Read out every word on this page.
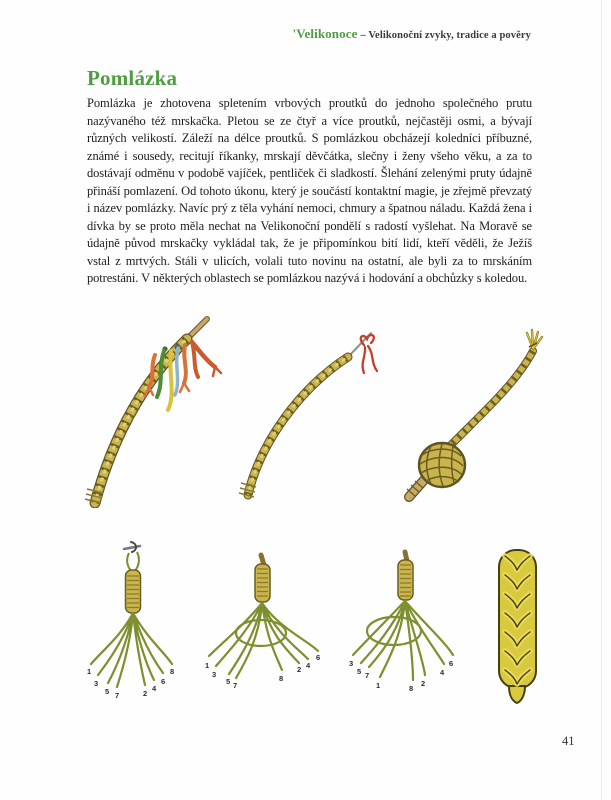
'Velikonoce – Velikonoční zvyky, tradice a pověry
Pomlázka

Pomlázka je zhotovena spletením vrbových proutků do jednoho společného prutu nazývaného též mrskačka. Pletou se ze čtyř a více proutků, nejčastěji osmi, a bývají různých velikostí. Záleží na délce proutků. S pomlázkou obcházejí koledníci příbuzné, známé i sousedy, recitují říkanky, mrskají děvčátka, slečny i ženy všeho věku, a za to dostávají odměnu v podobě vajíček, pentliček či sladkostí. Šlehání zelenými pruty údajně přináší pomlazení. Od tohoto úkonu, který je součástí kontaktní magie, je zřejmě převzatý i název pomlázky. Navíc prý z těla vyhání nemoci, chmury a špatnou náladu. Každá žena i dívka by se proto měla nechat na Velikonoční pondělí s radostí vyšlehat. Na Moravě se údajně původ mrskačky vykládal tak, že je připomínkou bití lidí, kteří věděli, že Ježíš vstal z mrtvých. Stáli v ulicích, volali tuto novinu na ostatní, ale byli za to mrskáním potrestáni. V některých oblastech se pomlázkou nazývá i hodování a obchůzky s koledou.

1
3
5 7	2
4
6
8
1
3
5 7
8
2 4
6
3
5 7
1	8
2
4
6
41
